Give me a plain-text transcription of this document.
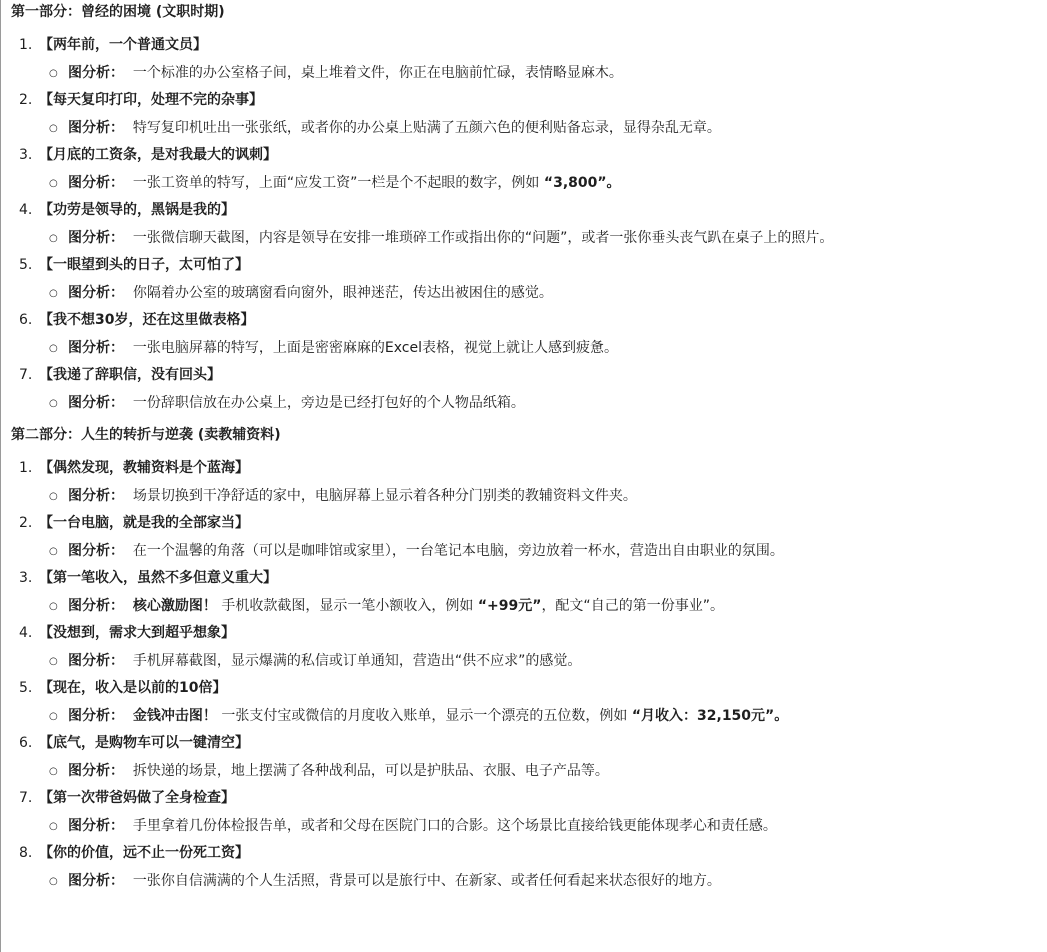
第一部分：曾经的困境 (文职时期)
1. 【两年前，一个普通文员】
○ 图分析： 一个标准的办公室格子间，桌上堆着文件，你正在电脑前忙碌，表情略显麻木。
2. 【每天复印打印，处理不完的杂事】
○ 图分析： 特写复印机吐出一张张纸，或者你的办公桌上贴满了五颜六色的便利贴备忘录，显得杂乱无章。
3. 【月底的工资条，是对我最大的讽刺】
○ 图分析： 一张工资单的特写，上面“应发工资”一栏是个不起眼的数字，例如 “3,800”。
4. 【功劳是领导的，黑锅是我的】
○ 图分析： 一张微信聊天截图，内容是领导在安排一堆琐碎工作或指出你的“问题”，或者一张你垂头丧气趴在桌子上的照片。
5. 【一眼望到头的日子，太可怕了】
○ 图分析： 你隔着办公室的玻璃窗看向窗外，眼神迷茫，传达出被困住的感觉。
6. 【我不想30岁，还在这里做表格】
○ 图分析： 一张电脑屏幕的特写，上面是密密麻麻的Excel表格，视觉上就让人感到疲惫。
7. 【我递了辞职信，没有回头】
○ 图分析： 一份辞职信放在办公桌上，旁边是已经打包好的个人物品纸箱。
第二部分：人生的转折与逆袭 (卖教辅资料)
1. 【偶然发现，教辅资料是个蓝海】
○ 图分析： 场景切换到干净舒适的家中，电脑屏幕上显示着各种分门别类的教辅资料文件夹。
2. 【一台电脑，就是我的全部家当】
○ 图分析： 在一个温馨的角落（可以是咖啡馆或家里），一台笔记本电脑，旁边放着一杯水，营造出自由职业的氛围。
3. 【第一笔收入，虽然不多但意义重大】
○ 图分析： 核心激励图！ 手机收款截图，显示一笔小额收入，例如 “+99元”，配文“自己的第一份事业”。
4. 【没想到，需求大到超乎想象】
○ 图分析： 手机屏幕截图，显示爆满的私信或订单通知，营造出“供不应求”的感觉。
5. 【现在，收入是以前的10倍】
○ 图分析： 金钱冲击图！ 一张支付宝或微信的月度收入账单，显示一个漂亮的五位数，例如 “月收入：32,150元”。
6. 【底气，是购物车可以一键清空】
○ 图分析： 拆快递的场景，地上摆满了各种战利品，可以是护肤品、衣服、电子产品等。
7. 【第一次带爸妈做了全身检查】
○ 图分析： 手里拿着几份体检报告单，或者和父母在医院门口的合影。这个场景比直接给钱更能体现孝心和责任感。
8. 【你的价值，远不止一份死工资】
○ 图分析： 一张你自信满满的个人生活照，背景可以是旅行中、在新家、或者任何看起来状态很好的地方。
